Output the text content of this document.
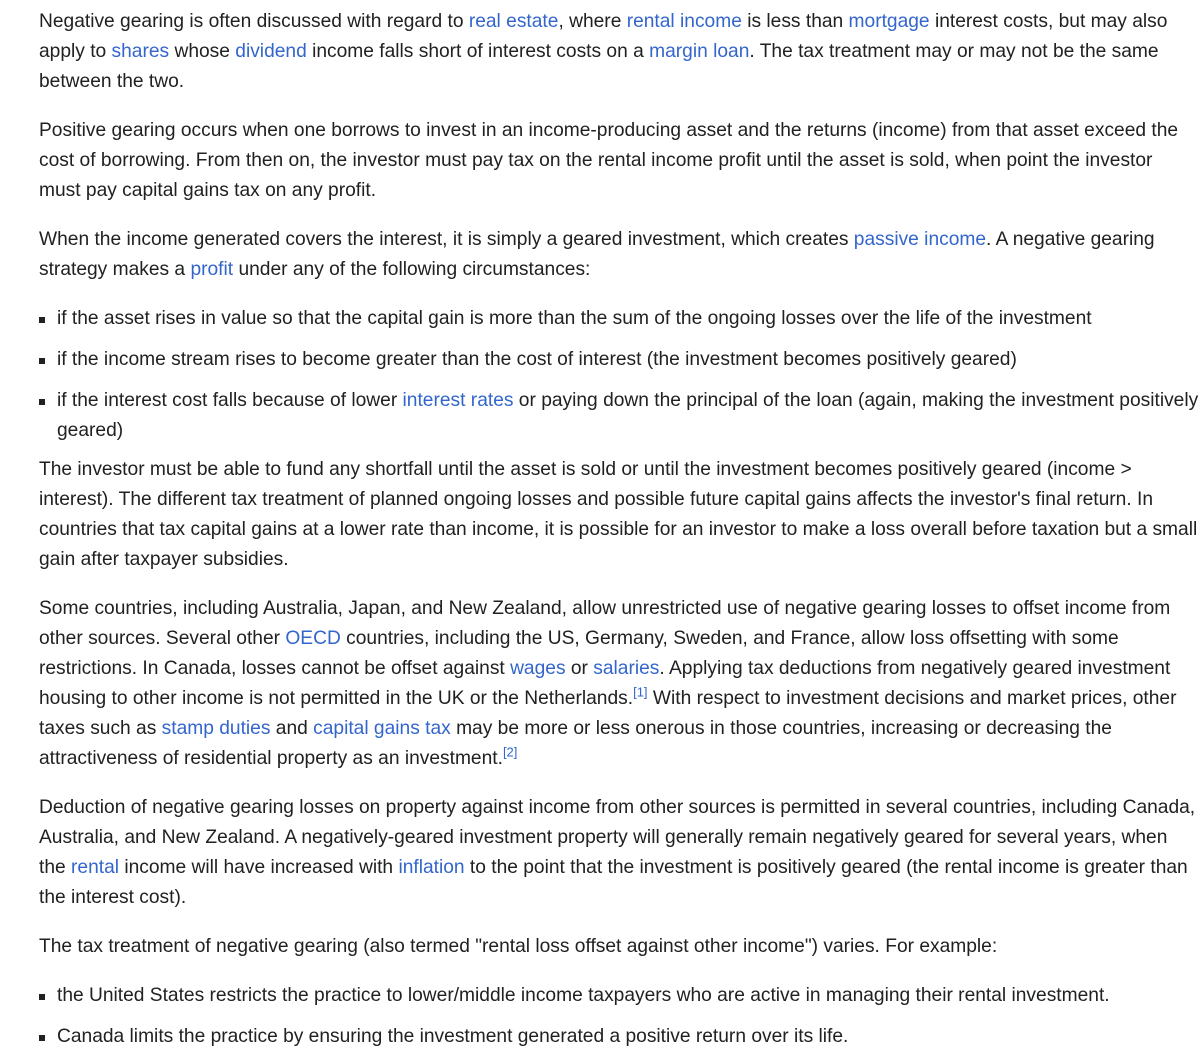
Negative gearing is often discussed with regard to real estate, where rental income is less than mortgage interest costs, but may also apply to shares whose dividend income falls short of interest costs on a margin loan. The tax treatment may or may not be the same between the two.

Positive gearing occurs when one borrows to invest in an income-producing asset and the returns (income) from that asset exceed the cost of borrowing. From then on, the investor must pay tax on the rental income profit until the asset is sold, when point the investor must pay capital gains tax on any profit.

When the income generated covers the interest, it is simply a geared investment, which creates passive income. A negative gearing strategy makes a profit under any of the following circumstances:

if the asset rises in value so that the capital gain is more than the sum of the ongoing losses over the life of the investment
if the income stream rises to become greater than the cost of interest (the investment becomes positively geared)
if the interest cost falls because of lower interest rates or paying down the principal of the loan (again, making the investment positively geared)

The investor must be able to fund any shortfall until the asset is sold or until the investment becomes positively geared (income > interest). The different tax treatment of planned ongoing losses and possible future capital gains affects the investor's final return. In countries that tax capital gains at a lower rate than income, it is possible for an investor to make a loss overall before taxation but a small gain after taxpayer subsidies.

Some countries, including Australia, Japan, and New Zealand, allow unrestricted use of negative gearing losses to offset income from other sources. Several other OECD countries, including the US, Germany, Sweden, and France, allow loss offsetting with some restrictions. In Canada, losses cannot be offset against wages or salaries. Applying tax deductions from negatively geared investment housing to other income is not permitted in the UK or the Netherlands.[1] With respect to investment decisions and market prices, other taxes such as stamp duties and capital gains tax may be more or less onerous in those countries, increasing or decreasing the attractiveness of residential property as an investment.[2]

Deduction of negative gearing losses on property against income from other sources is permitted in several countries, including Canada, Australia, and New Zealand. A negatively-geared investment property will generally remain negatively geared for several years, when the rental income will have increased with inflation to the point that the investment is positively geared (the rental income is greater than the interest cost).

The tax treatment of negative gearing (also termed "rental loss offset against other income") varies. For example:

the United States restricts the practice to lower/middle income taxpayers who are active in managing their rental investment.
Canada limits the practice by ensuring the investment generated a positive return over its life.
